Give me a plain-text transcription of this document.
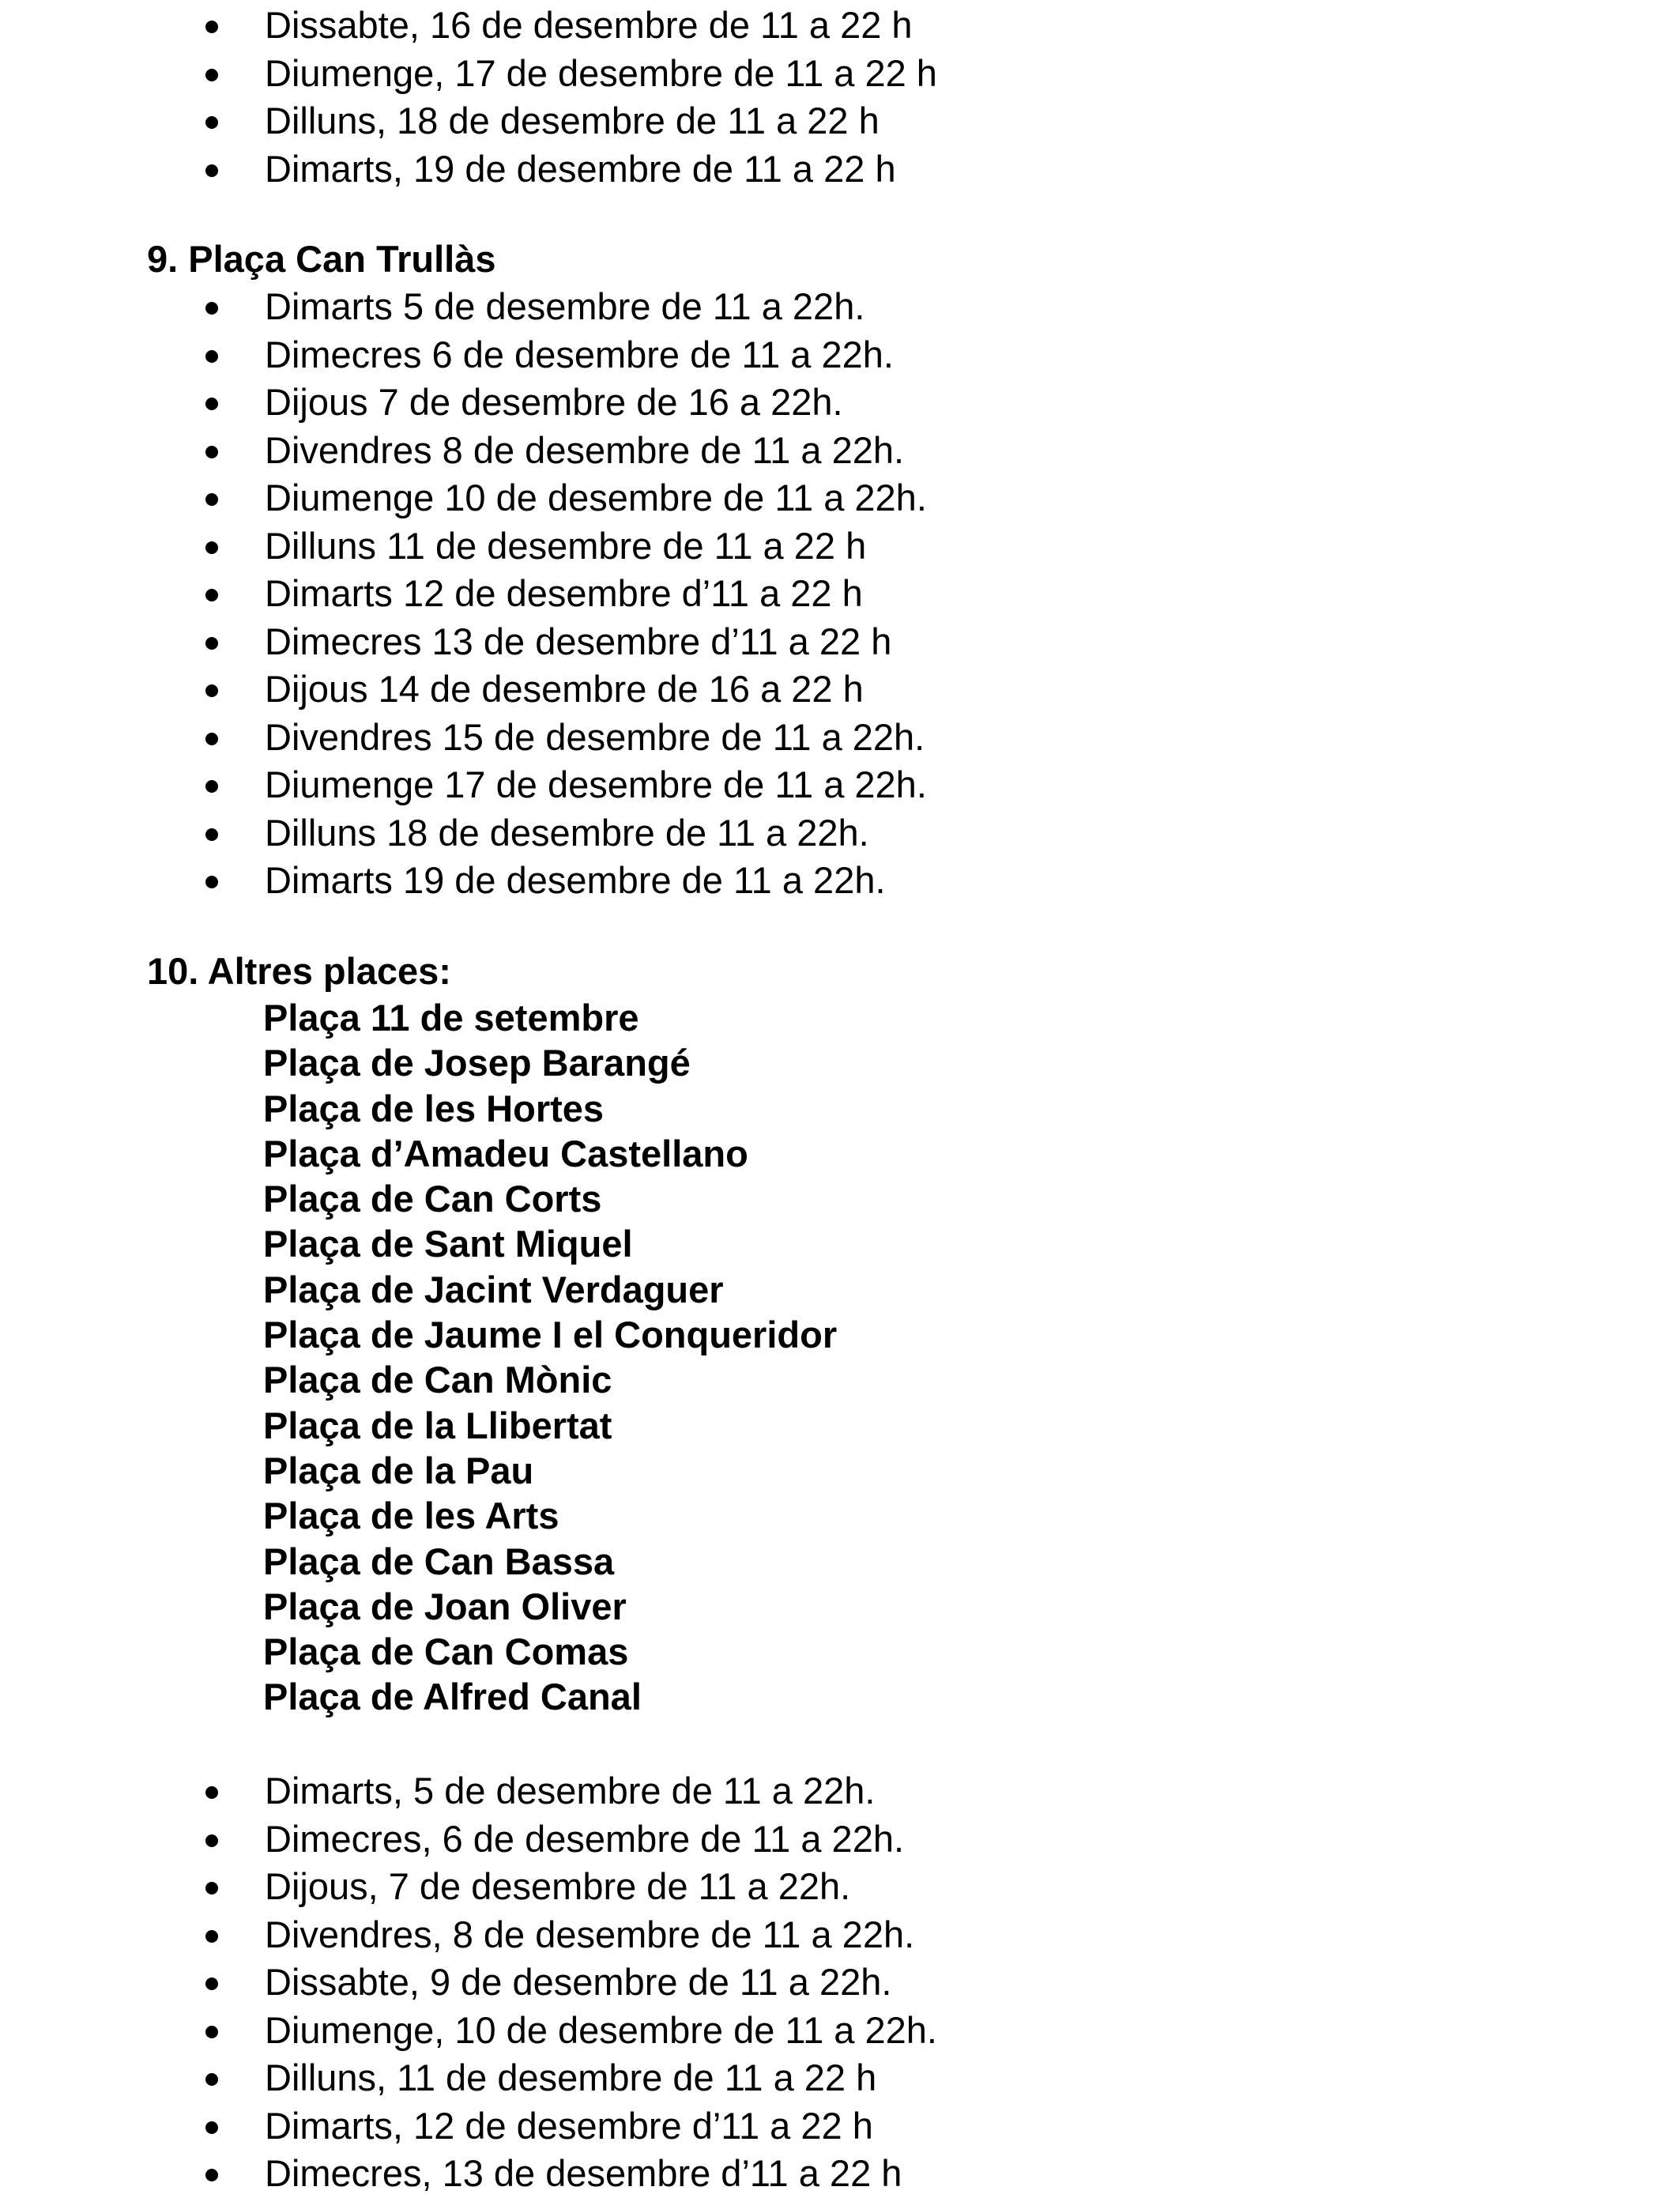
Dissabte, 16 de desembre de 11 a 22 h
Diumenge, 17 de desembre de 11 a 22 h
Dilluns, 18 de desembre de 11 a 22 h
Dimarts, 19 de desembre de 11 a 22 h
9. Plaça Can Trullàs
Dimarts 5 de desembre de 11 a 22h.
Dimecres 6 de desembre de 11 a 22h.
Dijous 7 de desembre de 16 a 22h.
Divendres 8 de desembre de 11 a 22h.
Diumenge 10 de desembre de 11 a 22h.
Dilluns 11 de desembre de 11 a 22 h
Dimarts 12 de desembre d’11 a 22 h
Dimecres 13 de desembre d’11 a 22 h
Dijous 14 de desembre de 16 a 22 h
Divendres 15 de desembre de 11 a 22h.
Diumenge 17 de desembre de 11 a 22h.
Dilluns 18 de desembre de 11 a 22h.
Dimarts 19 de desembre de 11 a 22h.
10. Altres places:
Plaça 11 de setembre
Plaça de Josep Barangé
Plaça de les Hortes
Plaça d’Amadeu Castellano
Plaça de Can Corts
Plaça de Sant Miquel
Plaça de Jacint Verdaguer
Plaça de Jaume I el Conqueridor
Plaça de Can Mònic
Plaça de la Llibertat
Plaça de la Pau
Plaça de les Arts
Plaça de Can Bassa
Plaça de Joan Oliver
Plaça de Can Comas
Plaça de Alfred Canal
Dimarts, 5 de desembre de 11 a 22h.
Dimecres, 6 de desembre de 11 a 22h.
Dijous, 7 de desembre de 11 a 22h.
Divendres, 8 de desembre de 11 a 22h.
Dissabte, 9 de desembre de 11 a 22h.
Diumenge, 10 de desembre de 11 a 22h.
Dilluns, 11 de desembre de 11 a 22 h
Dimarts, 12 de desembre d’11 a 22 h
Dimecres, 13 de desembre d’11 a 22 h
